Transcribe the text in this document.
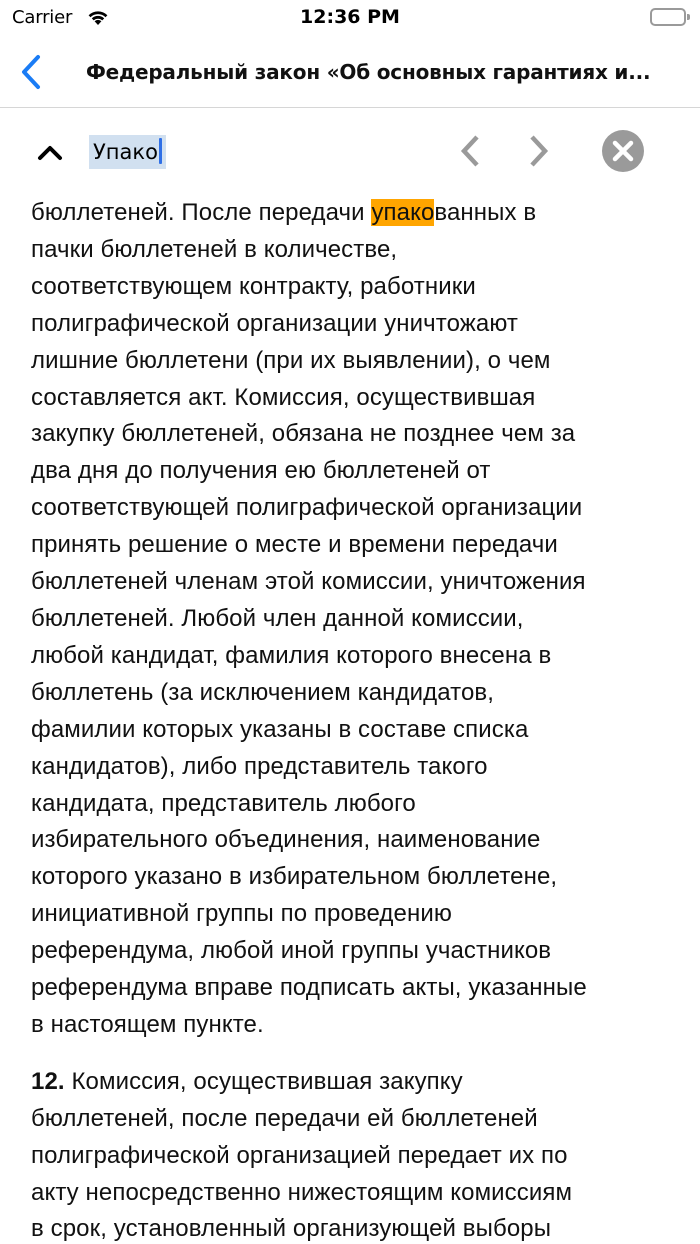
Carrier	12:36 PM
Федеральный закон «Об основных гарантиях и...
Упако
бюллетеней. После передачи упакованных в
пачки бюллетеней в количестве,
соответствующем контракту, работники
полиграфической организации уничтожают
лишние бюллетени (при их выявлении), о чем
составляется акт. Комиссия, осуществившая
закупку бюллетеней, обязана не позднее чем за
два дня до получения ею бюллетеней от
соответствующей полиграфической организации
принять решение о месте и времени передачи
бюллетеней членам этой комиссии, уничтожения
бюллетеней. Любой член данной комиссии,
любой кандидат, фамилия которого внесена в
бюллетень (за исключением кандидатов,
фамилии которых указаны в составе списка
кандидатов), либо представитель такого
кандидата, представитель любого
избирательного объединения, наименование
которого указано в избирательном бюллетене,
инициативной группы по проведению
референдума, любой иной группы участников
референдума вправе подписать акты, указанные
в настоящем пункте.
12. Комиссия, осуществившая закупку
бюллетеней, после передачи ей бюллетеней
полиграфической организацией передает их по
акту непосредственно нижестоящим комиссиям
в срок, установленный организующей выборы
